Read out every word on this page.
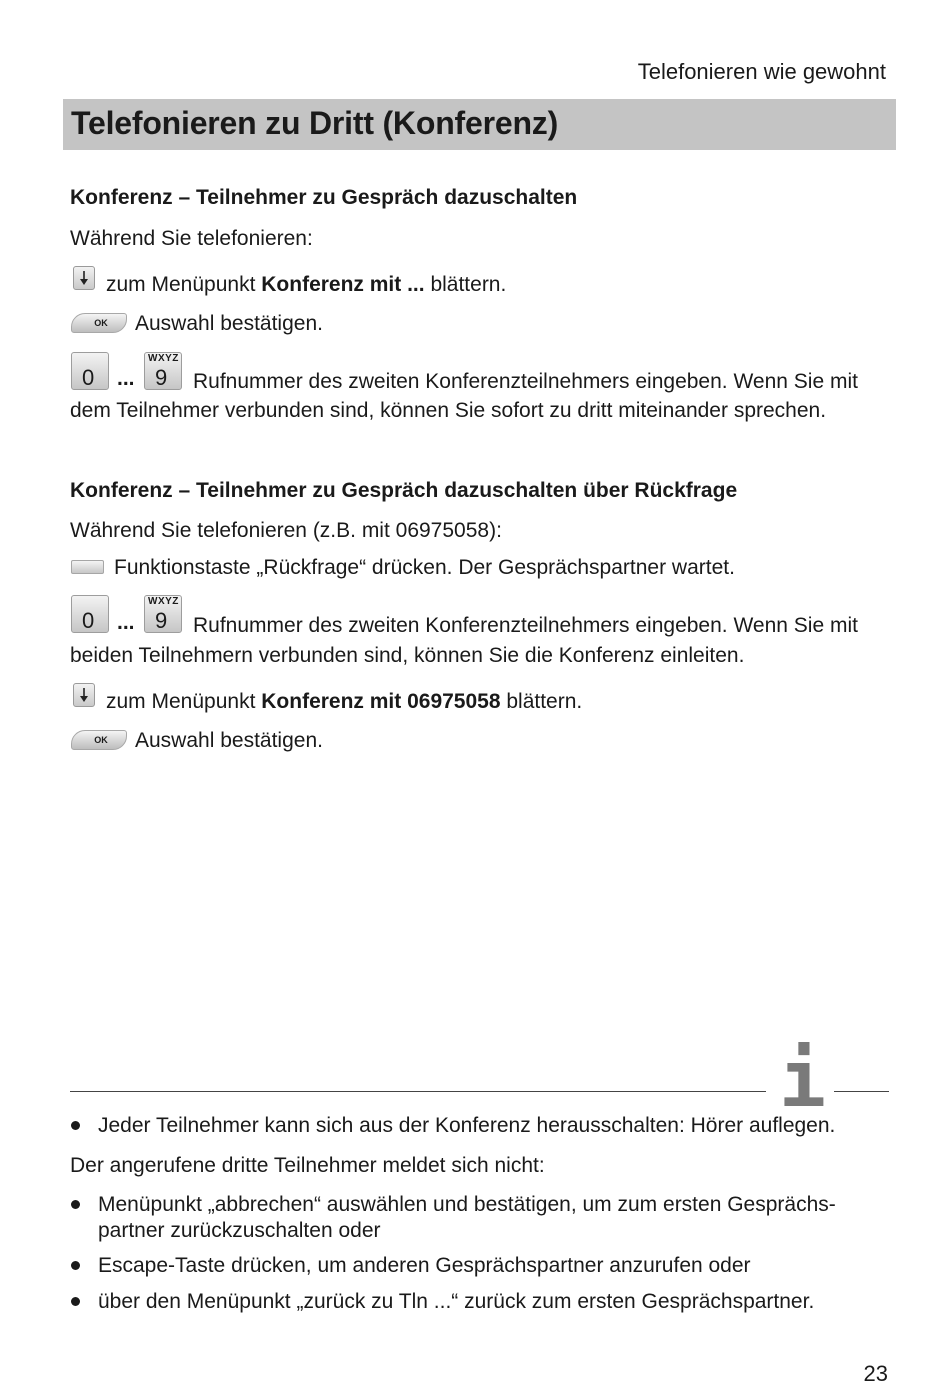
Telefonieren wie gewohnt
Telefonieren zu Dritt (Konferenz)
Konferenz – Teilnehmer zu Gespräch dazuschalten
Während Sie telefonieren:
zum Menüpunkt Konferenz mit ... blättern.
OK	Auswahl bestätigen.
0 ...
WXYZ
9 Rufnummer des zweiten Konferenzteilnehmers eingeben. Wenn Sie mit
dem Teilnehmer verbunden sind, können Sie sofort zu dritt miteinander sprechen.
Konferenz – Teilnehmer zu Gespräch dazuschalten über Rückfrage
Während Sie telefonieren (z.B. mit 06975058):
Funktionstaste „Rückfrage“ drücken. Der Gesprächspartner wartet.
0 ...
WXYZ
9 Rufnummer des zweiten Konferenzteilnehmers eingeben. Wenn Sie mit
beiden Teilnehmern verbunden sind, können Sie die Konferenz einleiten.
zum Menüpunkt Konferenz mit 06975058 blättern.
OK	Auswahl bestätigen.
i
Jeder Teilnehmer kann sich aus der Konferenz herausschalten: Hörer auflegen.
Der angerufene dritte Teilnehmer meldet sich nicht:
Menüpunkt „abbrechen“ auswählen und bestätigen, um zum ersten Gesprächs-
partner zurückzuschalten oder
Escape-Taste drücken, um anderen Gesprächspartner anzurufen oder
über den Menüpunkt „zurück zu Tln ...“ zurück zum ersten Gesprächspartner.
23
